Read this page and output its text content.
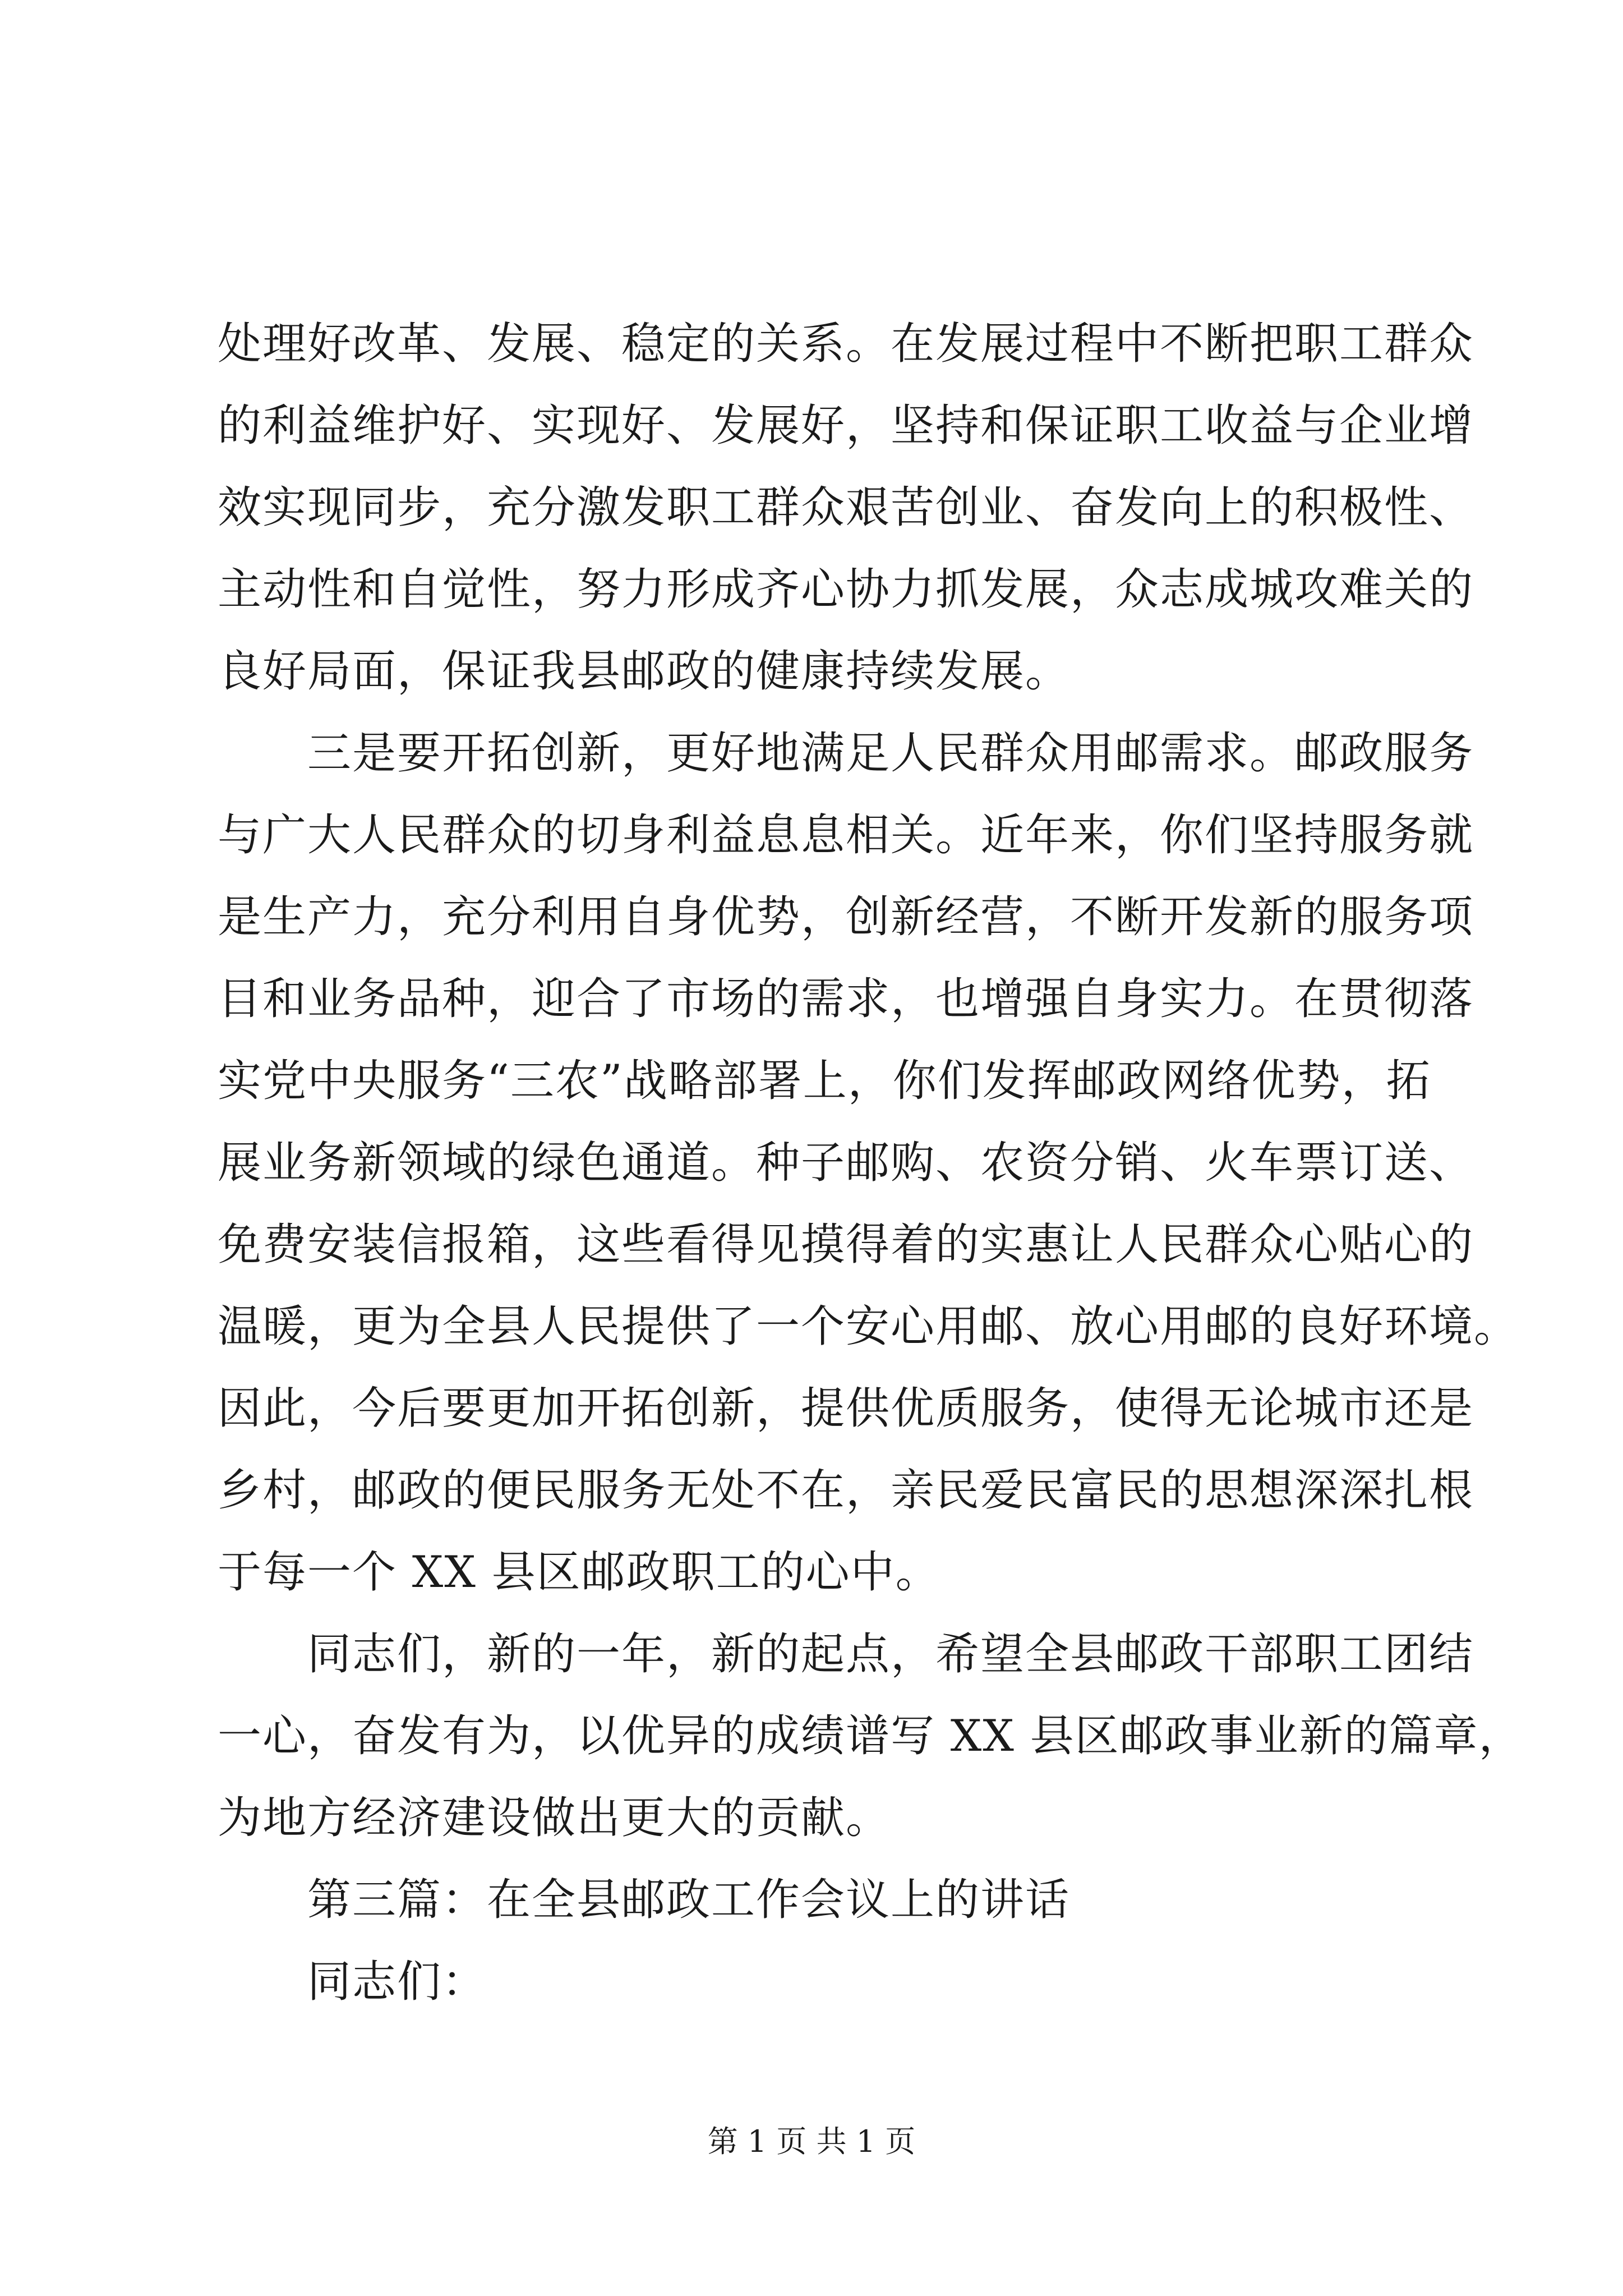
处理好改革、发展、稳定的关系。在发展过程中不断把职工群众
的利益维护好、实现好、发展好，坚持和保证职工收益与企业增
效实现同步，充分激发职工群众艰苦创业、奋发向上的积极性、
主动性和自觉性，努力形成齐心协力抓发展，众志成城攻难关的
良好局面，保证我县邮政的健康持续发展。
　　三是要开拓创新，更好地满足人民群众用邮需求。邮政服务
与广大人民群众的切身利益息息相关。近年来，你们坚持服务就
是生产力，充分利用自身优势，创新经营，不断开发新的服务项
目和业务品种，迎合了市场的需求，也增强自身实力。在贯彻落
实党中央服务“三农”战略部署上，你们发挥邮政网络优势，拓
展业务新领域的绿色通道。种子邮购、农资分销、火车票订送、
免费安装信报箱，这些看得见摸得着的实惠让人民群众心贴心的
温暖，更为全县人民提供了一个安心用邮、放心用邮的良好环境。
因此，今后要更加开拓创新，提供优质服务，使得无论城市还是
乡村，邮政的便民服务无处不在，亲民爱民富民的思想深深扎根
于每一个 XX 县区邮政职工的心中。
　　同志们，新的一年，新的起点，希望全县邮政干部职工团结
一心，奋发有为，以优异的成绩谱写 XX 县区邮政事业新的篇章，
为地方经济建设做出更大的贡献。
　　第三篇：在全县邮政工作会议上的讲话
　　同志们：
第 1 页 共 1 页
